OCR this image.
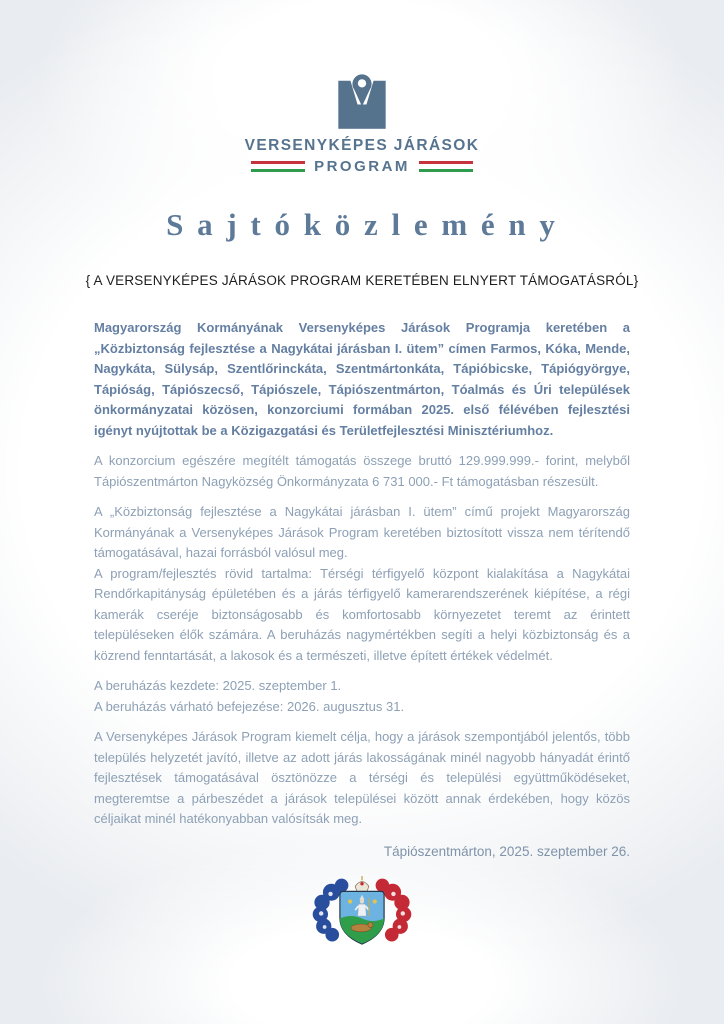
VERSENYKÉPES JÁRÁSOK
PROGRAM
S a j t ó k ö z l e m é n y
{ A VERSENYKÉPES JÁRÁSOK PROGRAM KERETÉBEN ELNYERT TÁMOGATÁSRÓL}

Magyarország Kormányának Versenyképes Járások Programja keretében a „Közbiztonság fejlesztése a Nagykátai járásban I. ütem” címen Farmos, Kóka, Mende, Nagykáta, Sülysáp, Szentlőrinckáta, Szentmártonkáta, Tápióbicske, Tápiógyörgye, Tápióság, Tápiószecső, Tápiószele, Tápiószentmárton, Tóalmás és Úri települések önkormányzatai közösen, konzorciumi formában 2025. első félévében fejlesztési igényt nyújtottak be a Közigazgatási és Területfejlesztési Minisztériumhoz.

A konzorcium egészére megítélt támogatás összege bruttó 129.999.999.- forint, melyből Tápiószentmárton Nagyközség Önkormányzata 6 731 000.- Ft támogatásban részesült.

A „Közbiztonság fejlesztése a Nagykátai járásban I. ütem” című projekt Magyarország Kormányának a Versenyképes Járások Program keretében biztosított vissza nem térítendő támogatásával, hazai forrásból valósul meg.

A program/fejlesztés rövid tartalma: Térségi térfigyelő központ kialakítása a Nagykátai Rendőrkapitányság épületében és a járás térfigyelő kamerarendszerének kiépítése, a régi kamerák cseréje biztonságosabb és komfortosabb környezetet teremt az érintett településeken élők számára. A beruházás nagymértékben segíti a helyi közbiztonság és a közrend fenntartását, a lakosok és a természeti, illetve épített értékek védelmét.

A beruházás kezdete: 2025. szeptember 1.

A beruházás várható befejezése: 2026. augusztus 31.

A Versenyképes Járások Program kiemelt célja, hogy a járások szempontjából jelentős, több település helyzetét javító, illetve az adott járás lakosságának minél nagyobb hányadát érintő fejlesztések támogatásával ösztönözze a térségi és települési együttműködéseket, megteremtse a párbeszédet a járások települései között annak érdekében, hogy közös céljaikat minél hatékonyabban valósítsák meg.

Tápiószentmárton, 2025. szeptember 26.
